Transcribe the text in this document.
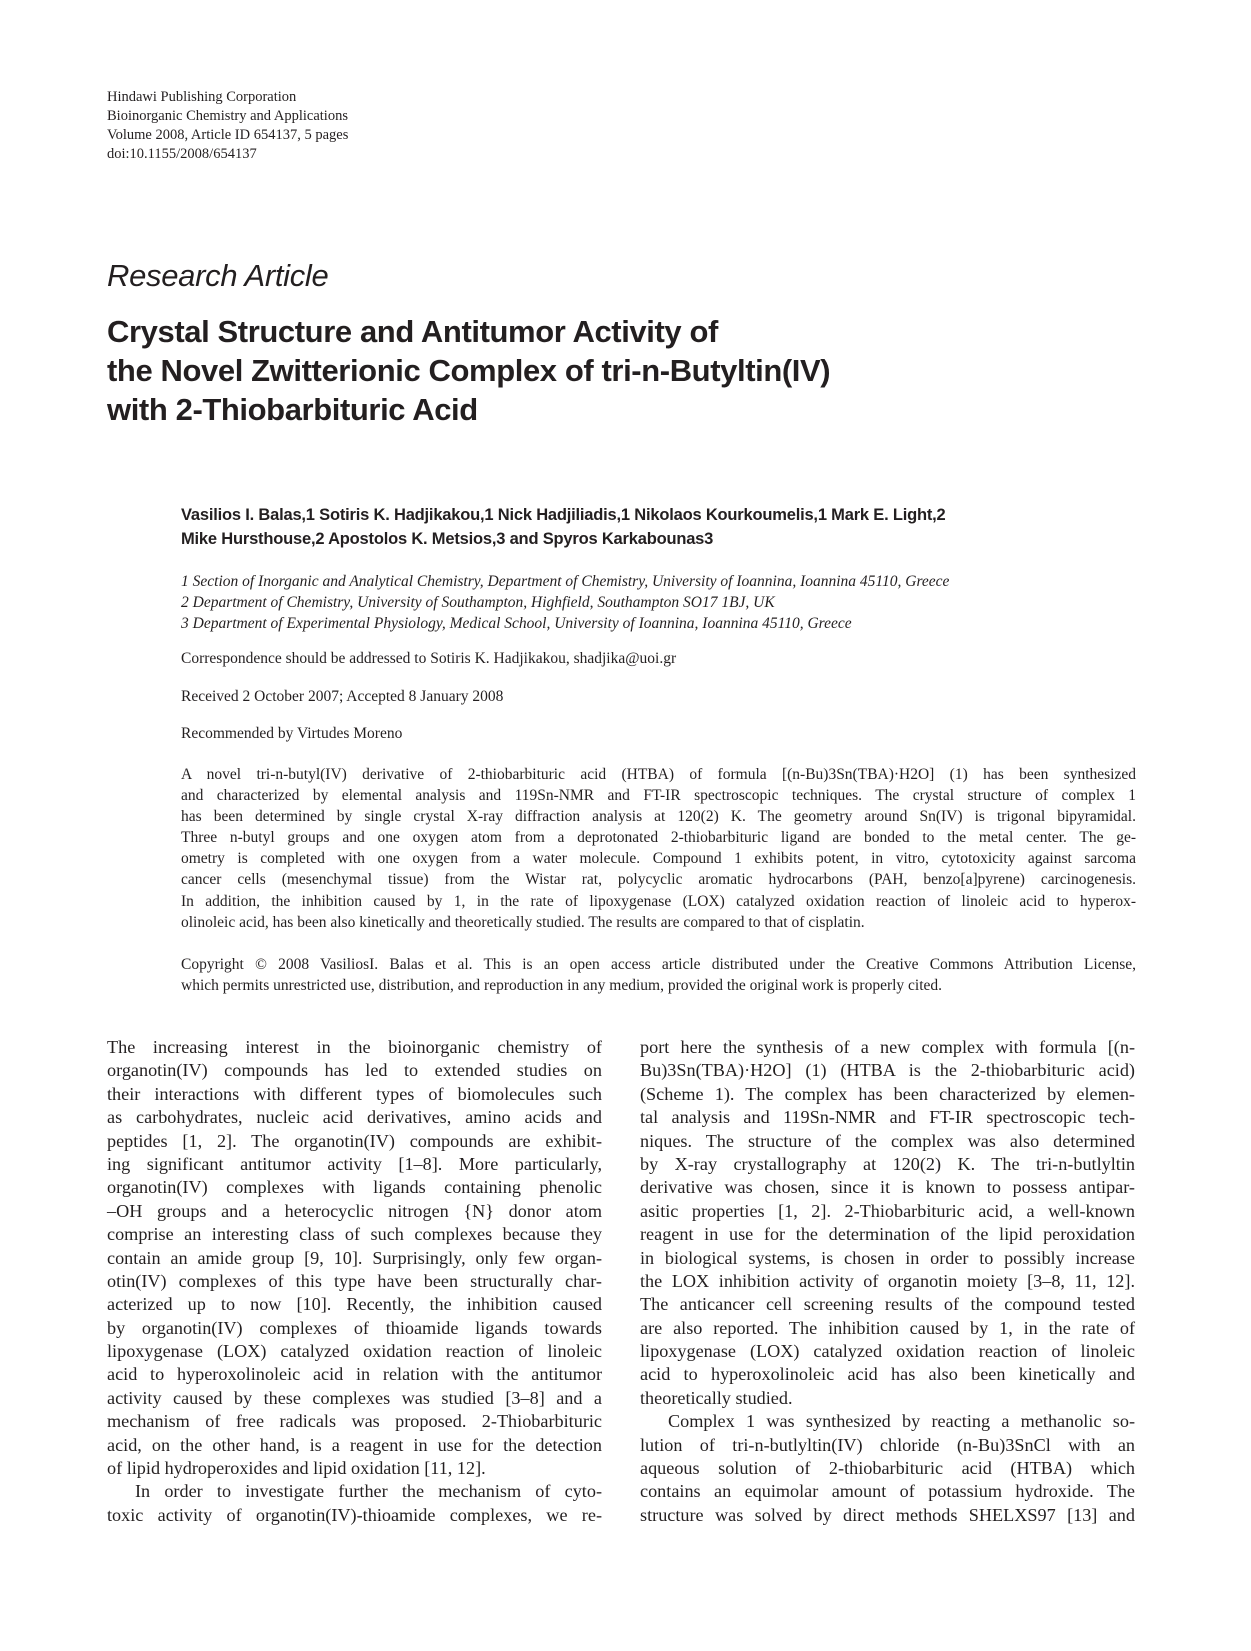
Hindawi Publishing Corporation
Bioinorganic Chemistry and Applications
Volume 2008, Article ID 654137, 5 pages
doi:10.1155/2008/654137
Research Article
Crystal Structure and Antitumor Activity of
the Novel Zwitterionic Complex of tri-n-Butyltin(IV)
with 2-Thiobarbituric Acid
Vasilios I. Balas,1 Sotiris K. Hadjikakou,1 Nick Hadjiliadis,1 Nikolaos Kourkoumelis,1 Mark E. Light,2
Mike Hursthouse,2 Apostolos K. Metsios,3 and Spyros Karkabounas3
1 Section of Inorganic and Analytical Chemistry, Department of Chemistry, University of Ioannina, Ioannina 45110, Greece
2 Department of Chemistry, University of Southampton, Highfield, Southampton SO17 1BJ, UK
3 Department of Experimental Physiology, Medical School, University of Ioannina, Ioannina 45110, Greece
Correspondence should be addressed to Sotiris K. Hadjikakou, shadjika@uoi.gr
Received 2 October 2007; Accepted 8 January 2008
Recommended by Virtudes Moreno
A novel tri-n-butyl(IV) derivative of 2-thiobarbituric acid (HTBA) of formula [(n-Bu)3Sn(TBA)·H2O] (1) has been synthesized
and characterized by elemental analysis and 119Sn-NMR and FT-IR spectroscopic techniques. The crystal structure of complex 1
has been determined by single crystal X-ray diffraction analysis at 120(2) K. The geometry around Sn(IV) is trigonal bipyramidal.
Three n-butyl groups and one oxygen atom from a deprotonated 2-thiobarbituric ligand are bonded to the metal center. The ge-
ometry is completed with one oxygen from a water molecule. Compound 1 exhibits potent, in vitro, cytotoxicity against sarcoma
cancer cells (mesenchymal tissue) from the Wistar rat, polycyclic aromatic hydrocarbons (PAH, benzo[a]pyrene) carcinogenesis.
In addition, the inhibition caused by 1, in the rate of lipoxygenase (LOX) catalyzed oxidation reaction of linoleic acid to hyperox-
olinoleic acid, has been also kinetically and theoretically studied. The results are compared to that of cisplatin.
Copyright © 2008 VasiliosI. Balas et al. This is an open access article distributed under the Creative Commons Attribution License,
which permits unrestricted use, distribution, and reproduction in any medium, provided the original work is properly cited.
The increasing interest in the bioinorganic chemistry of
organotin(IV) compounds has led to extended studies on
their interactions with different types of biomolecules such
as carbohydrates, nucleic acid derivatives, amino acids and
peptides [1, 2]. The organotin(IV) compounds are exhibit-
ing significant antitumor activity [1–8]. More particularly,
organotin(IV) complexes with ligands containing phenolic
–OH groups and a heterocyclic nitrogen {N} donor atom
comprise an interesting class of such complexes because they
contain an amide group [9, 10]. Surprisingly, only few organ-
otin(IV) complexes of this type have been structurally char-
acterized up to now [10]. Recently, the inhibition caused
by organotin(IV) complexes of thioamide ligands towards
lipoxygenase (LOX) catalyzed oxidation reaction of linoleic
acid to hyperoxolinoleic acid in relation with the antitumor
activity caused by these complexes was studied [3–8] and a
mechanism of free radicals was proposed. 2-Thiobarbituric
acid, on the other hand, is a reagent in use for the detection
of lipid hydroperoxides and lipid oxidation [11, 12].
In order to investigate further the mechanism of cyto-
toxic activity of organotin(IV)-thioamide complexes, we re-
port here the synthesis of a new complex with formula [(n-
Bu)3Sn(TBA)·H2O] (1) (HTBA is the 2-thiobarbituric acid)
(Scheme 1). The complex has been characterized by elemen-
tal analysis and 119Sn-NMR and FT-IR spectroscopic tech-
niques. The structure of the complex was also determined
by X-ray crystallography at 120(2) K. The tri-n-butlyltin
derivative was chosen, since it is known to possess antipar-
asitic properties [1, 2]. 2-Thiobarbituric acid, a well-known
reagent in use for the determination of the lipid peroxidation
in biological systems, is chosen in order to possibly increase
the LOX inhibition activity of organotin moiety [3–8, 11, 12].
The anticancer cell screening results of the compound tested
are also reported. The inhibition caused by 1, in the rate of
lipoxygenase (LOX) catalyzed oxidation reaction of linoleic
acid to hyperoxolinoleic acid has also been kinetically and
theoretically studied.
Complex 1 was synthesized by reacting a methanolic so-
lution of tri-n-butlyltin(IV) chloride (n-Bu)3SnCl with an
aqueous solution of 2-thiobarbituric acid (HTBA) which
contains an equimolar amount of potassium hydroxide. The
structure was solved by direct methods SHELXS97 [13] and
